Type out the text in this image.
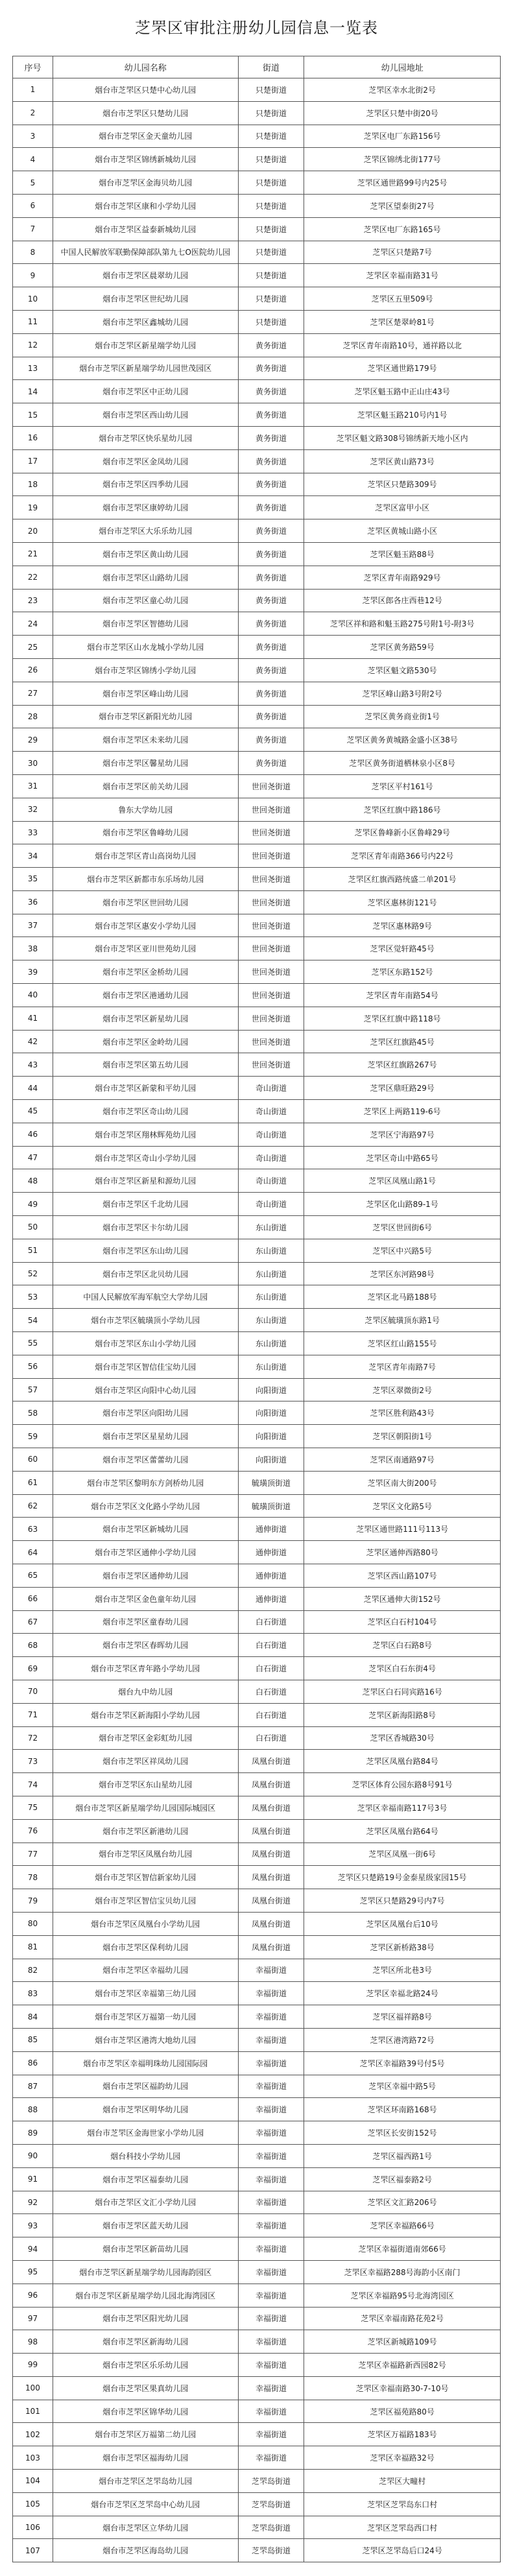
芝罘区审批注册幼儿园信息一览表
序号	幼儿园名称	街道	幼儿园地址
1	烟台市芝罘区只楚中心幼儿园	只楚街道	芝罘区幸水北街2号
2	烟台市芝罘区只楚幼儿园	只楚街道	芝罘区只楚中街20号
3	烟台市芝罘区金天童幼儿园	只楚街道	芝罘区电厂东路156号
4	烟台市芝罘区锦绣新城幼儿园	只楚街道	芝罘区锦绣北街177号
5	烟台市芝罘区金海贝幼儿园	只楚街道	芝罘区通世路99号内25号
6	烟台市芝罘区康和小学幼儿园	只楚街道	芝罘区望泰街27号
7	烟台市芝罘区益泰新城幼儿园	只楚街道	芝罘区电厂东路165号
8	中国人民解放军联勤保障部队第九七O医院幼儿园	只楚街道	芝罘区只楚路7号
9	烟台市芝罘区晨翠幼儿园	只楚街道	芝罘区幸福南路31号
10	烟台市芝罘区世纪幼儿园	只楚街道	芝罘区五里509号
11	烟台市芝罘区鑫城幼儿园	只楚街道	芝罘区楚翠岭81号
12	烟台市芝罘区新星端学幼儿园	黄务街道	芝罘区青年南路10号，通祥路以北
13	烟台市芝罘区新星端学幼儿园世茂园区	黄务街道	芝罘区通世路179号
14	烟台市芝罘区中正幼儿园	黄务街道	芝罘区魁玉路中正山庄43号
15	烟台市芝罘区西山幼儿园	黄务街道	芝罘区魁玉路210号内1号
16	烟台市芝罘区快乐星幼儿园	黄务街道	芝罘区魁文路308号锦绣新天地小区内
17	烟台市芝罘区金凤幼儿园	黄务街道	芝罘区黄山路73号
18	烟台市芝罘区四季幼儿园	黄务街道	芝罘区只楚路309号
19	烟台市芝罘区康婷幼儿园	黄务街道	芝罘区富甲小区
20	烟台市芝罘区大乐乐幼儿园	黄务街道	芝罘区黄城山路小区
21	烟台市芝罘区黄山幼儿园	黄务街道	芝罘区魁玉路88号
22	烟台市芝罘区山路幼儿园	黄务街道	芝罘区青年南路929号
23	烟台市芝罘区童心幼儿园	黄务街道	芝罘区郎各庄西巷12号
24	烟台市芝罘区智德幼儿园	黄务街道	芝罘区祥和路和魁玉路275号附1号-附3号
25	烟台市芝罘区山水龙城小学幼儿园	黄务街道	芝罘区黄务路59号
26	烟台市芝罘区锦绣小学幼儿园	黄务街道	芝罘区魁文路530号
27	烟台市芝罘区峰山幼儿园	黄务街道	芝罘区峰山路3号附2号
28	烟台市芝罘区新阳光幼儿园	黄务街道	芝罘区黄务商业街1号
29	烟台市芝罘区未来幼儿园	黄务街道	芝罘区黄务黄城路金盛小区38号
30	烟台市芝罘区馨星幼儿园	黄务街道	芝罘区黄务街道栖林泉小区8号
31	烟台市芝罘区前关幼儿园	世回尧街道	芝罘区平村161号
32	鲁东大学幼儿园	世回尧街道	芝罘区红旗中路186号
33	烟台市芝罘区鲁峰幼儿园	世回尧街道	芝罘区鲁峰新小区鲁峰29号
34	烟台市芝罘区青山高岗幼儿园	世回尧街道	芝罘区青年南路366号内22号
35	烟台市芝罘区新都市东乐场幼儿园	世回尧街道	芝罘区红旗西路统盛二单201号
36	烟台市芝罘区世回幼儿园	世回尧街道	芝罘区惠林街121号
37	烟台市芝罘区惠安小学幼儿园	世回尧街道	芝罘区惠林路9号
38	烟台市芝罘区亚川世苑幼儿园	世回尧街道	芝罘区觉轩路45号
39	烟台市芝罘区金桥幼儿园	世回尧街道	芝罘区东路152号
40	烟台市芝罘区港通幼儿园	世回尧街道	芝罘区青年南路54号
41	烟台市芝罘区新星幼儿园	世回尧街道	芝罘区红旗中路118号
42	烟台市芝罘区金岭幼儿园	世回尧街道	芝罘区红旗路45号
43	烟台市芝罘区第五幼儿园	世回尧街道	芝罘区红旗路267号
44	烟台市芝罘区新蒙和平幼儿园	奇山街道	芝罘区鼎旺路29号
45	烟台市芝罘区奇山幼儿园	奇山街道	芝罘区上两路119-6号
46	烟台市芝罘区翔林辉苑幼儿园	奇山街道	芝罘区宁海路97号
47	烟台市芝罘区奇山小学幼儿园	奇山街道	芝罘区奇山中路65号
48	烟台市芝罘区新星和源幼儿园	奇山街道	芝罘区凤凰山路1号
49	烟台市芝罘区千北幼儿园	奇山街道	芝罘区化山路89-1号
50	烟台市芝罘区卡尔幼儿园	东山街道	芝罘区世回街6号
51	烟台市芝罘区东山幼儿园	东山街道	芝罘区中兴路5号
52	烟台市芝罘区北贝幼儿园	东山街道	芝罘区东河路98号
53	中国人民解放军海军航空大学幼儿园	东山街道	芝罘区北马路188号
54	烟台市芝罘区毓璜顶小学幼儿园	东山街道	芝罘区毓璜顶东路1号
55	烟台市芝罘区东山小学幼儿园	东山街道	芝罘区红山路155号
56	烟台市芝罘区智信佳宝幼儿园	东山街道	芝罘区青年南路7号
57	烟台市芝罘区向阳中心幼儿园	向阳街道	芝罘区翠微街2号
58	烟台市芝罘区向阳幼儿园	向阳街道	芝罘区胜利路43号
59	烟台市芝罘区星星幼儿园	向阳街道	芝罘区朝阳街1号
60	烟台市芝罘区蕾蕾幼儿园	向阳街道	芝罘区南通路97号
61	烟台市芝罘区黎明东方剑桥幼儿园	毓璜顶街道	芝罘区南大街200号
62	烟台市芝罘区文化路小学幼儿园	毓璜顶街道	芝罘区文化路5号
63	烟台市芝罘区新城幼儿园	通伸街道	芝罘区通世路111号113号
64	烟台市芝罘区通伸小学幼儿园	通伸街道	芝罘区通伸西路80号
65	烟台市芝罘区通伸幼儿园	通伸街道	芝罘区西山路107号
66	烟台市芝罘区金色童年幼儿园	通伸街道	芝罘区通伸大街152号
67	烟台市芝罘区童春幼儿园	白石街道	芝罘区白石村104号
68	烟台市芝罘区春晖幼儿园	白石街道	芝罘区白石路8号
69	烟台市芝罘区青年路小学幼儿园	白石街道	芝罘区白石东街4号
70	烟台九中幼儿园	白石街道	芝罘区白石同宾路16号
71	烟台市芝罘区新海阳小学幼儿园	白石街道	芝罘区新海阳路8号
72	烟台市芝罘区金彩虹幼儿园	白石街道	芝罘区香城路30号
73	烟台市芝罘区祥凤幼儿园	凤凰台街道	芝罘区凤凰台路84号
74	烟台市芝罘区东山星幼儿园	凤凰台街道	芝罘区体育公园东路8号91号
75	烟台市芝罘区新星端学幼儿园国际城园区	凤凰台街道	芝罘区幸福南路117号3号
76	烟台市芝罘区新港幼儿园	凤凰台街道	芝罘区凤凰台路64号
77	烟台市芝罘区凤凰台幼儿园	凤凰台街道	芝罘区凤凰一街6号
78	烟台市芝罘区智信新家幼儿园	凤凰台街道	芝罘区只楚路19号金泰星级家园15号
79	烟台市芝罘区智信宝贝幼儿园	凤凰台街道	芝罘区只楚路29号内7号
80	烟台市芝罘区凤凰台小学幼儿园	凤凰台街道	芝罘区凤凰台后10号
81	烟台市芝罘区保利幼儿园	凤凰台街道	芝罘区新桥路38号
82	烟台市芝罘区幸福幼儿园	幸福街道	芝罘区所北巷3号
83	烟台市芝罘区幸福第三幼儿园	幸福街道	芝罘区幸福北路24号
84	烟台市芝罘区万福第一幼儿园	幸福街道	芝罘区福祥路8号
85	烟台市芝罘区港湾大地幼儿园	幸福街道	芝罘区港湾路72号
86	烟台市芝罘区幸福明珠幼儿园国际园	幸福街道	芝罘区幸福路39号付5号
87	烟台市芝罘区福韵幼儿园	幸福街道	芝罘区幸福中路5号
88	烟台市芝罘区明华幼儿园	幸福街道	芝罘区环南路168号
89	烟台市芝罘区金海世家小学幼儿园	幸福街道	芝罘区长安街152号
90	烟台科技小学幼儿园	幸福街道	芝罘区福西路1号
91	烟台市芝罘区福泰幼儿园	幸福街道	芝罘区福泰路2号
92	烟台市芝罘区文汇小学幼儿园	幸福街道	芝罘区文汇路206号
93	烟台市芝罘区蓝天幼儿园	幸福街道	芝罘区幸福路66号
94	烟台市芝罘区新苗幼儿园	幸福街道	芝罘区幸福街道南郊66号
95	烟台市芝罘区新星端学幼儿园海韵园区	幸福街道	芝罘区幸福路288号海韵小区南门
96	烟台市芝罘区新星端学幼儿园北海湾园区	幸福街道	芝罘区幸福路95号北海湾园区
97	烟台市芝罘区阳光幼儿园	幸福街道	芝罘区幸福南路花苑2号
98	烟台市芝罘区新海幼儿园	幸福街道	芝罘区新城路109号
99	烟台市芝罘区乐乐幼儿园	幸福街道	芝罘区幸福路新西园82号
100	烟台市芝罘区果真幼儿园	幸福街道	芝罘区幸福南路30-7-10号
101	烟台市芝罘区锦华幼儿园	幸福街道	芝罘区福苑路80号
102	烟台市芝罘区万福第二幼儿园	幸福街道	芝罘区万福路183号
103	烟台市芝罘区福海幼儿园	幸福街道	芝罘区幸福路32号
104	烟台市芝罘区芝罘岛幼儿园	芝罘岛街道	芝罘区大疃村
105	烟台市芝罘区芝罘岛中心幼儿园	芝罘岛街道	芝罘区芝罘岛东口村
106	烟台市芝罘区立华幼儿园	芝罘岛街道	芝罘区芝罘岛西口村
107	烟台市芝罘区海岛幼儿园	芝罘岛街道	芝罘区芝罘岛后口24号
